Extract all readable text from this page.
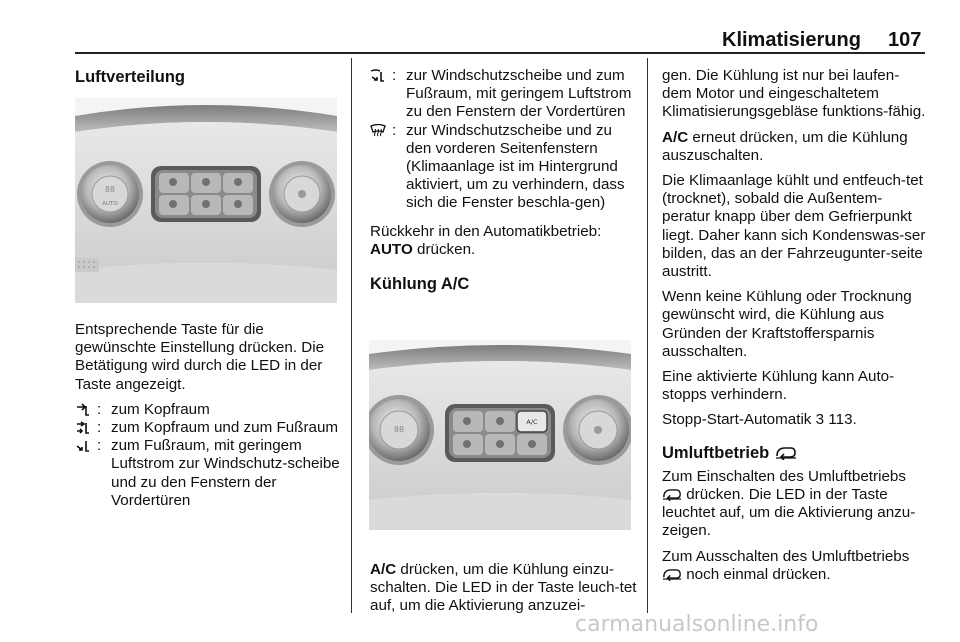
Klimatisierung 107
Luftverteilung
88
AUTO

Entsprechende Taste für die gewünschte Einstellung drücken. Die Betätigung wird durch die LED in der Taste angezeigt.

: zum Kopfraum
: zum Kopfraum und zum Fußraum
: zum Fußraum, mit geringem Luftstrom zur Windschutz-scheibe und zu den Fenstern der Vordertüren
: zur Windschutzscheibe und zum Fußraum, mit geringem Luftstrom zu den Fenstern der Vordertüren
: zur Windschutzscheibe und zu den vorderen Seitenfenstern (Klimaanlage ist im Hintergrund aktiviert, um zu verhindern, dass sich die Fenster beschla-gen)

Rückkehr in den Automatikbetrieb:
AUTO drücken.

Kühlung A/C
88
A/C

A/C drücken, um die Kühlung einzu-schalten. Die LED in der Taste leuch-tet auf, um die Aktivierung anzuzei-

gen. Die Kühlung ist nur bei laufen-dem Motor und eingeschaltetem Klimatisierungsgebläse funktions-fähig.

A/C erneut drücken, um die Kühlung auszuschalten.

Die Klimaanlage kühlt und entfeuch-tet (trocknet), sobald die Außentem-peratur knapp über dem Gefrierpunkt liegt. Daher kann sich Kondenswas-ser bilden, das an der Fahrzeugunter-seite austritt.

Wenn keine Kühlung oder Trocknung gewünscht wird, die Kühlung aus Gründen der Kraftstoffersparnis ausschalten.

Eine aktivierte Kühlung kann Auto-stopps verhindern.

Stopp-Start-Automatik 3 113.

Umluftbetrieb

Zum Einschalten des Umluftbetriebs
drücken. Die LED in der Taste leuchtet auf, um die Aktivierung anzu-zeigen.

Zum Ausschalten des Umluftbetriebs
noch einmal drücken.

carmanualsonline.info
